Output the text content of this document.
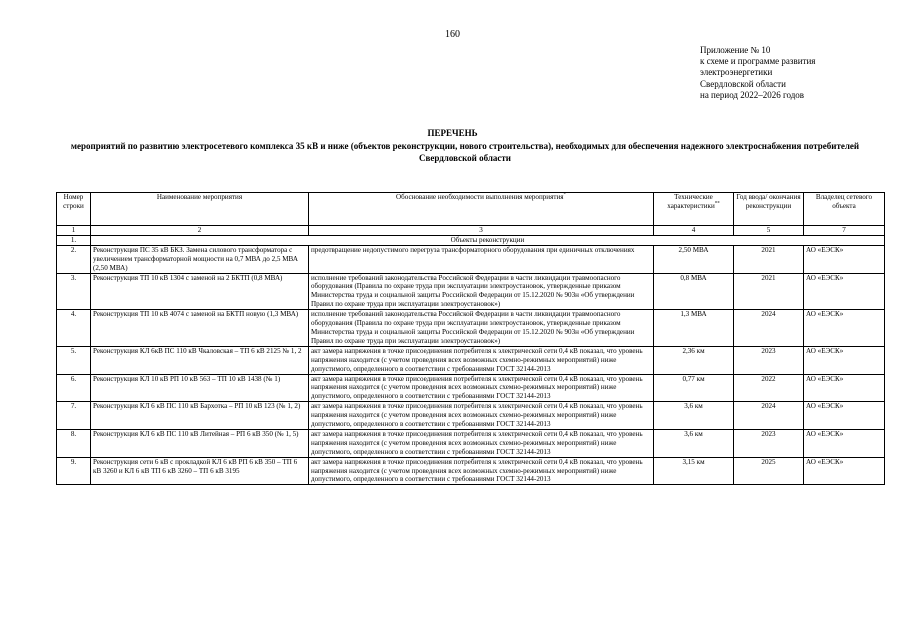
160
Приложение № 10
к схеме и программе развития
электроэнергетики
Свердловской области
на период 2022–2026 годов
ПЕРЕЧЕНЬ
мероприятий по развитию электросетевого комплекса 35 кВ и ниже (объектов реконструкции, нового строительства), необходимых для обеспечения надежного электроснабжения потребителей Свердловской области
Номер строки	Наименование мероприятия	Обоснование необходимости выполнения мероприятия*	Технические характеристики**	Год ввода/ окончания реконструкции	Владелец сетевого объекта
1	2	3	4	5	7
1.	Объекты реконструкции				
2.	Реконструкция ПС 35 кВ БКЗ. Замена силового трансформатора с увеличением трансформаторной мощности на 0,7 МВА до 2,5 МВА (2,50 МВА)	предотвращение недопустимого перегруза трансформаторного оборудования при единичных отключениях	2,50 МВА	2021	АО «ЕЭСК»
3.	Реконструкция ТП 10 кВ 1304 с заменой на 2 БКТП (0,8 МВА)	исполнение требований законодательства Российской Федерации в части ликвидации травмоопасного оборудования (Правила по охране труда при эксплуатации электроустановок, утвержденные приказом Министерства труда и социальной защиты Российской Федерации от 15.12.2020 № 903н «Об утверждении Правил по охране труда при эксплуатации электроустановок»)	0,8 МВА	2021	АО «ЕЭСК»
4.	Реконструкция ТП 10 кВ 4074 с заменой на БКТП новую (1,3 МВА)	исполнение требований законодательства Российской Федерации в части ликвидации травмоопасного оборудования (Правила по охране труда при эксплуатации электроустановок, утвержденные приказом Министерства труда и социальной защиты Российской Федерации от 15.12.2020 № 903н «Об утверждении Правил по охране труда при эксплуатации электроустановок»)	1,3 МВА	2024	АО «ЕЭСК»
5.	Реконструкция КЛ 6кВ ПС 110 кВ Чкаловская – ТП 6 кВ 2125 № 1, 2	акт замера напряжения в точке присоединения потребителя к электрической сети 0,4 кВ показал, что уровень напряжения находится (с учетом проведения всех возможных схемно-режимных мероприятий) ниже допустимого, определенного в соответствии с требованиями ГОСТ 32144-2013	2,36 км	2023	АО «ЕЭСК»
6.	Реконструкция КЛ 10 кВ РП 10 кВ 563 – ТП 10 кВ 1438 (№ 1)	акт замера напряжения в точке присоединения потребителя к электрической сети 0,4 кВ показал, что уровень напряжения находится (с учетом проведения всех возможных схемно-режимных мероприятий) ниже допустимого, определенного в соответствии с требованиями ГОСТ 32144-2013	0,77 км	2022	АО «ЕЭСК»
7.	Реконструкция КЛ 6 кВ ПС 110 кВ Бархотка – РП 10 кВ 123 (№ 1, 2)	акт замера напряжения в точке присоединения потребителя к электрической сети 0,4 кВ показал, что уровень напряжения находится (с учетом проведения всех возможных схемно-режимных мероприятий) ниже допустимого, определенного в соответствии с требованиями ГОСТ 32144-2013	3,6 км	2024	АО «ЕЭСК»
8.	Реконструкция КЛ 6 кВ ПС 110 кВ Литейная – РП 6 кВ 350 (№ 1, 5)	акт замера напряжения в точке присоединения потребителя к электрической сети 0,4 кВ показал, что уровень напряжения находится (с учетом проведения всех возможных схемно-режимных мероприятий) ниже допустимого, определенного в соответствии с требованиями ГОСТ 32144-2013	3,6 км	2023	АО «ЕЭСК»
9.	Реконструкция сети 6 кВ с прокладкой КЛ 6 кВ РП 6 кВ 350 – ТП 6 кВ 3260 и КЛ 6 кВ ТП 6 кВ 3260 – ТП 6 кВ 3195	акт замера напряжения в точке присоединения потребителя к электрической сети 0,4 кВ показал, что уровень напряжения находится (с учетом проведения всех возможных схемно-режимных мероприятий) ниже допустимого, определенного в соответствии с требованиями ГОСТ 32144-2013	3,15 км	2025	АО «ЕЭСК»
